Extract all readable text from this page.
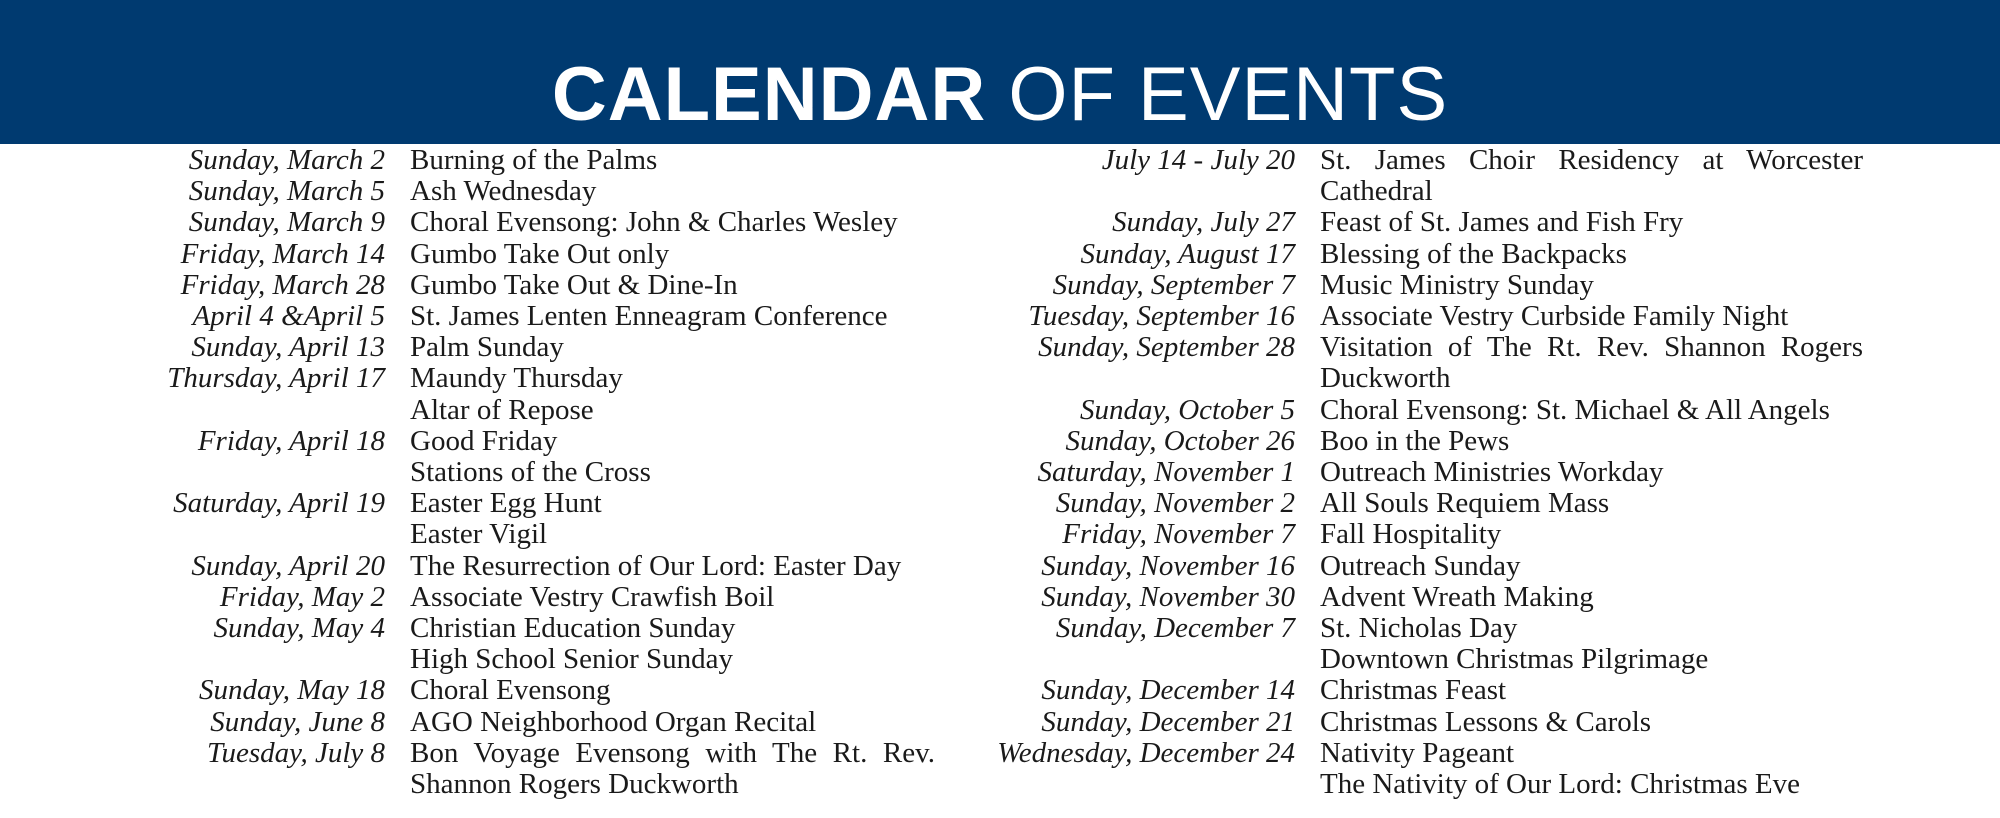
CALENDAR OF EVENTS
Sunday, March 2 Burning of the Palms
Sunday, March 5 Ash Wednesday
Sunday, March 9 Choral Evensong: John & Charles Wesley
Friday, March 14 Gumbo Take Out only
Friday, March 28 Gumbo Take Out & Dine-In
April 4 &April 5 St. James Lenten Enneagram Conference
Sunday, April 13 Palm Sunday
Thursday, April 17 Maundy Thursday
Altar of Repose
Friday, April 18 Good Friday
Stations of the Cross
Saturday, April 19 Easter Egg Hunt
Easter Vigil
Sunday, April 20 The Resurrection of Our Lord: Easter Day
Friday, May 2 Associate Vestry Crawfish Boil
Sunday, May 4 Christian Education Sunday
High School Senior Sunday
Sunday, May 18 Choral Evensong
Sunday, June 8 AGO Neighborhood Organ Recital
Tuesday, July 8 Bon Voyage Evensong with The Rt. Rev.
Shannon Rogers Duckworth
July 14 - July 20 St. James Choir Residency at Worcester
Cathedral
Sunday, July 27 Feast of St. James and Fish Fry
Sunday, August 17 Blessing of the Backpacks
Sunday, September 7 Music Ministry Sunday
Tuesday, September 16 Associate Vestry Curbside Family Night
Sunday, September 28 Visitation of The Rt. Rev. Shannon Rogers
Duckworth
Sunday, October 5 Choral Evensong: St. Michael & All Angels
Sunday, October 26 Boo in the Pews
Saturday, November 1 Outreach Ministries Workday
Sunday, November 2 All Souls Requiem Mass
Friday, November 7 Fall Hospitality
Sunday, November 16 Outreach Sunday
Sunday, November 30 Advent Wreath Making
Sunday, December 7 St. Nicholas Day
Downtown Christmas Pilgrimage
Sunday, December 14 Christmas Feast
Sunday, December 21 Christmas Lessons & Carols
Wednesday, December 24 Nativity Pageant
The Nativity of Our Lord: Christmas Eve
